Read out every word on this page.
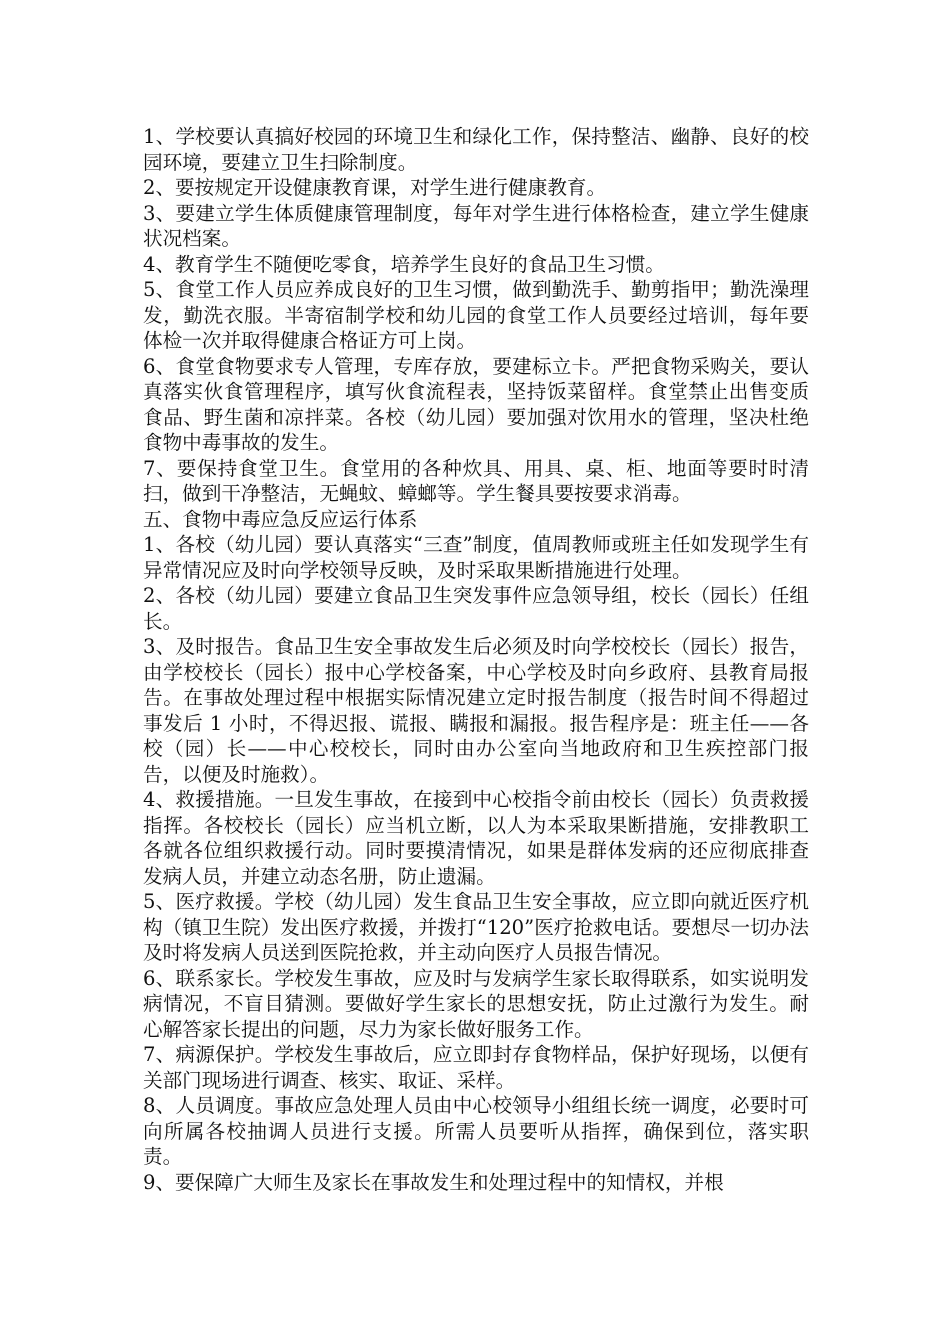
1、学校要认真搞好校园的环境卫生和绿化工作，保持整洁、幽静、良好的校园环境，要建立卫生扫除制度。

2、要按规定开设健康教育课，对学生进行健康教育。

3、要建立学生体质健康管理制度，每年对学生进行体格检查，建立学生健康状况档案。

4、教育学生不随便吃零食，培养学生良好的食品卫生习惯。

5、食堂工作人员应养成良好的卫生习惯，做到勤洗手、勤剪指甲；勤洗澡理发，勤洗衣服。半寄宿制学校和幼儿园的食堂工作人员要经过培训，每年要体检一次并取得健康合格证方可上岗。

6、食堂食物要求专人管理，专库存放，要建标立卡。严把食物采购关，要认真落实伙食管理程序，填写伙食流程表，坚持饭菜留样。食堂禁止出售变质食品、野生菌和凉拌菜。各校（幼儿园）要加强对饮用水的管理，坚决杜绝食物中毒事故的发生。

7、要保持食堂卫生。食堂用的各种炊具、用具、桌、柜、地面等要时时清扫，做到干净整洁，无蝇蚊、蟑螂等。学生餐具要按要求消毒。

五、食物中毒应急反应运行体系

1、各校（幼儿园）要认真落实“三查”制度，值周教师或班主任如发现学生有异常情况应及时向学校领导反映，及时采取果断措施进行处理。

2、各校（幼儿园）要建立食品卫生突发事件应急领导组，校长（园长）任组长。

3、及时报告。食品卫生安全事故发生后必须及时向学校校长（园长）报告，由学校校长（园长）报中心学校备案，中心学校及时向乡政府、县教育局报告。在事故处理过程中根据实际情况建立定时报告制度（报告时间不得超过事发后 1 小时，不得迟报、谎报、瞒报和漏报。报告程序是：班主任——各校（园）长——中心校校长，同时由办公室向当地政府和卫生疾控部门报告，以便及时施救）。

4、救援措施。一旦发生事故，在接到中心校指令前由校长（园长）负责救援指挥。各校校长（园长）应当机立断，以人为本采取果断措施，安排教职工各就各位组织救援行动。同时要摸清情况，如果是群体发病的还应彻底排查发病人员，并建立动态名册，防止遗漏。

5、医疗救援。学校（幼儿园）发生食品卫生安全事故，应立即向就近医疗机构（镇卫生院）发出医疗救援，并拨打“120”医疗抢救电话。要想尽一切办法及时将发病人员送到医院抢救，并主动向医疗人员报告情况。

6、联系家长。学校发生事故，应及时与发病学生家长取得联系，如实说明发病情况，不盲目猜测。要做好学生家长的思想安抚，防止过激行为发生。耐心解答家长提出的问题，尽力为家长做好服务工作。

7、病源保护。学校发生事故后，应立即封存食物样品，保护好现场，以便有关部门现场进行调查、核实、取证、采样。

8、人员调度。事故应急处理人员由中心校领导小组组长统一调度，必要时可向所属各校抽调人员进行支援。所需人员要听从指挥，确保到位，落实职责。

9、要保障广大师生及家长在事故发生和处理过程中的知情权，并根
